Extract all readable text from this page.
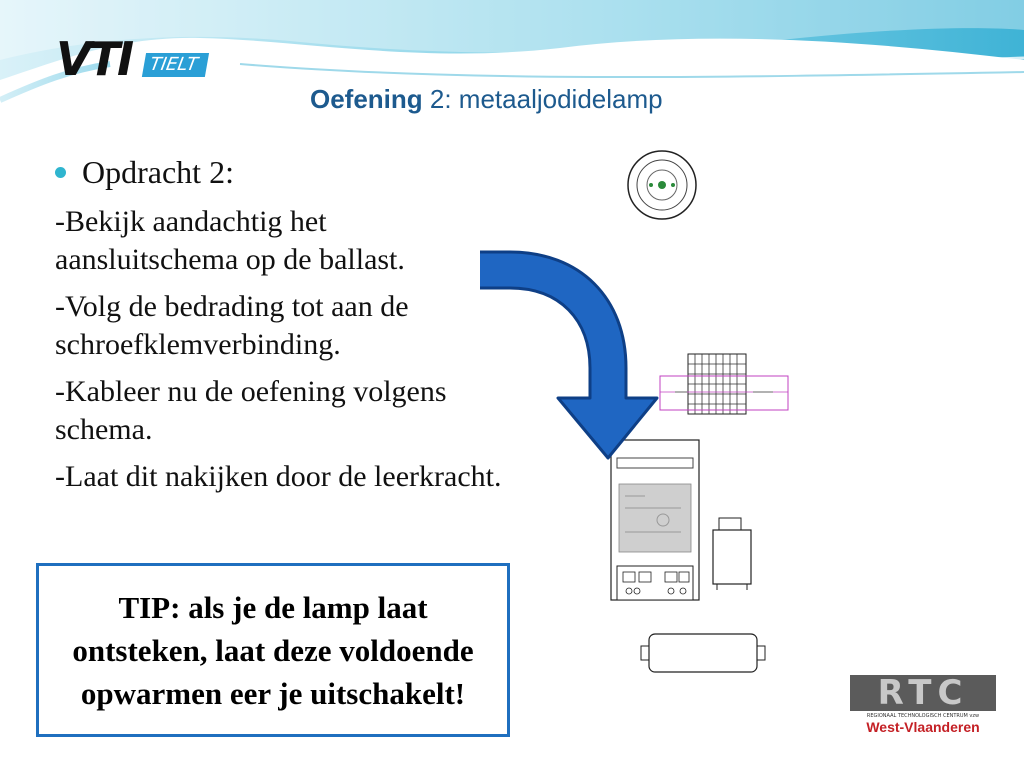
VTI TIELT
Oefening 2: metaaljodidelamp
Opdracht 2:
-Bekijk aandachtig het aansluitschema op de ballast.
-Volg de bedrading tot aan de schroefklemverbinding.
-Kableer nu de oefening volgens schema.
-Laat dit nakijken door de leerkracht.
TIP: als je de lamp laat ontsteken, laat deze voldoende opwarmen eer je uitschakelt!	RTC
REGIONAAL TECHNOLOGISCH CENTRUM vzw
West-Vlaanderen
